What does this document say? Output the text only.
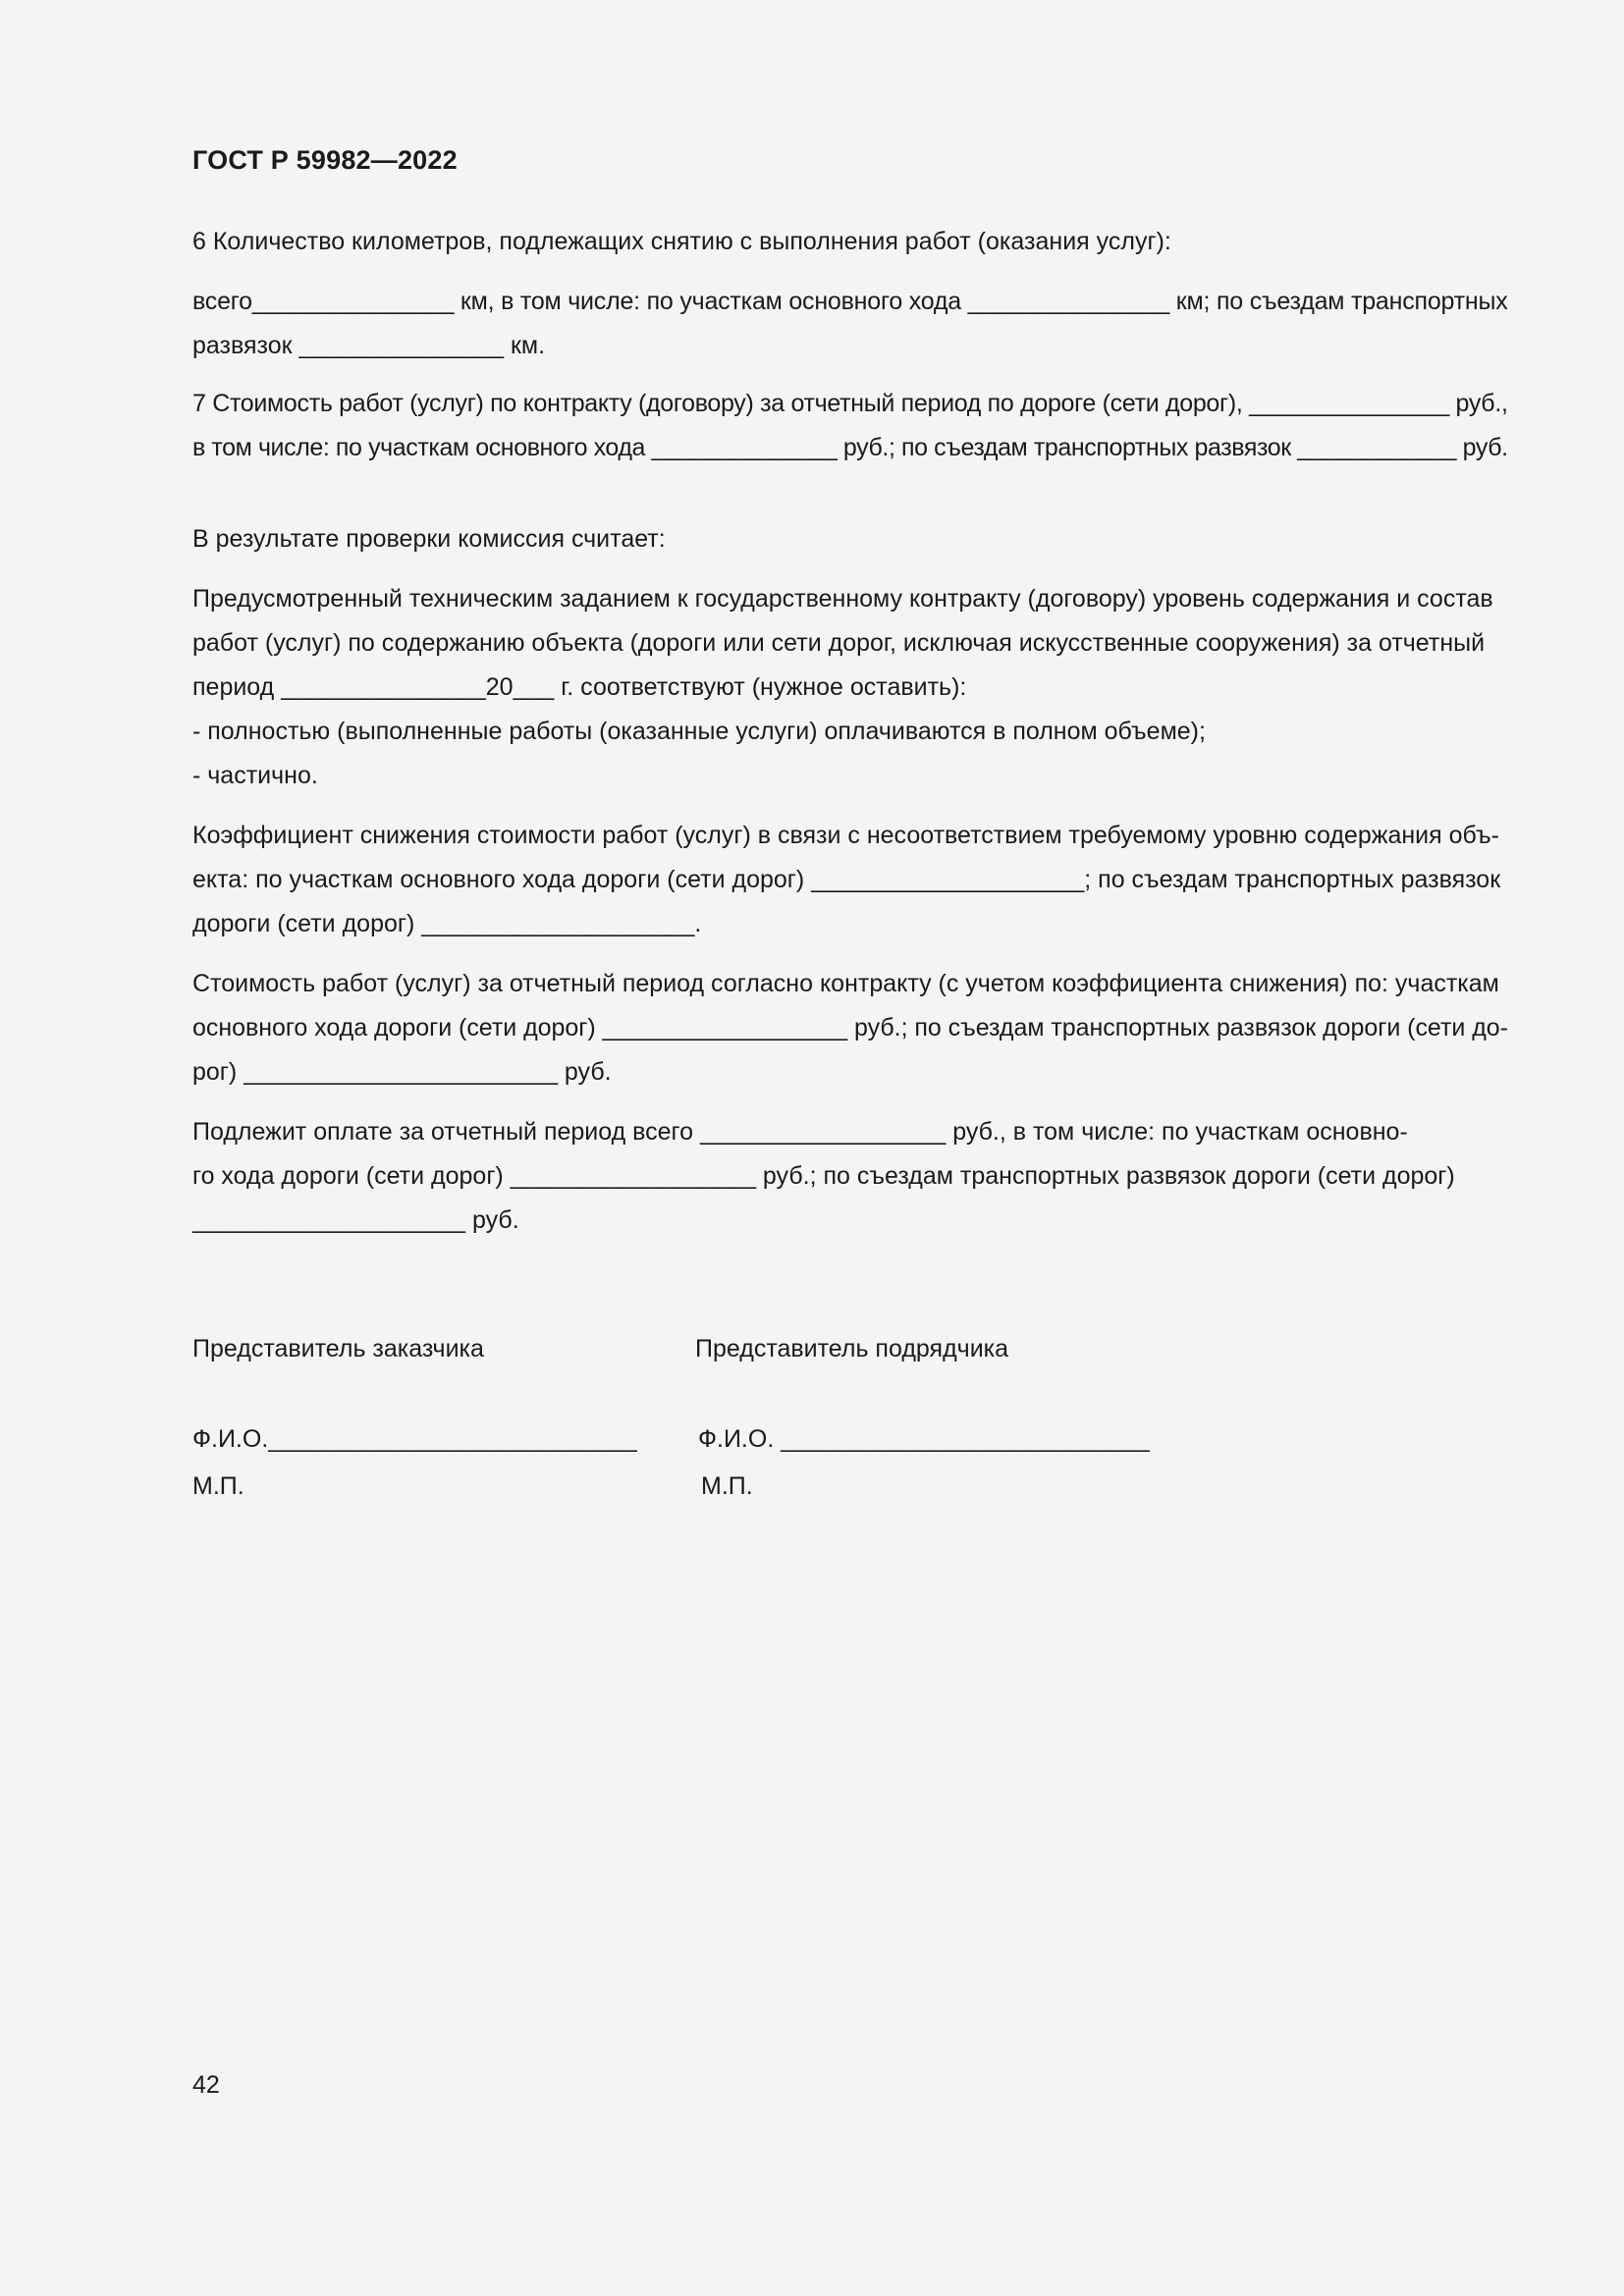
ГОСТ Р 59982—2022
6 Количество километров, подлежащих снятию с выполнения работ (оказания услуг):
всего_______________ км, в том числе: по участкам основного хода _______________ км; по съездам транспортных
развязок _______________ км.
7 Стоимость работ (услуг) по контракту (договору) за отчетный период по дороге (сети дорог), _______________ руб.,
в том числе: по участкам основного хода ______________ руб.; по съездам транспортных развязок ____________ руб.
В результате проверки комиссия считает:
Предусмотренный техническим заданием к государственному контракту (договору) уровень содержания и состав
работ (услуг) по содержанию объекта (дороги или сети дорог, исключая искусственные сооружения) за отчетный
период _______________20___ г. соответствуют (нужное оставить):
- полностью (выполненные работы (оказанные услуги) оплачиваются в полном объеме);
- частично.
Коэффициент снижения стоимости работ (услуг) в связи с несоответствием требуемому уровню содержания объ-
екта: по участкам основного хода дороги (сети дорог) ____________________; по съездам транспортных развязок
дороги (сети дорог) ____________________.
Стоимость работ (услуг) за отчетный период согласно контракту (с учетом коэффициента снижения) по: участкам
основного хода дороги (сети дорог) __________________ руб.; по съездам транспортных развязок дороги (сети до-
рог) _______________________ руб.
Подлежит оплате за отчетный период всего __________________ руб., в том числе: по участкам основно-
го хода дороги (сети дорог) __________________ руб.; по съездам транспортных развязок дороги (сети дорог)
____________________ руб.
Представитель заказчика	Представитель подрядчика
Ф.И.О.___________________________ Ф.И.О. ___________________________
М.П.	М.П.
42
